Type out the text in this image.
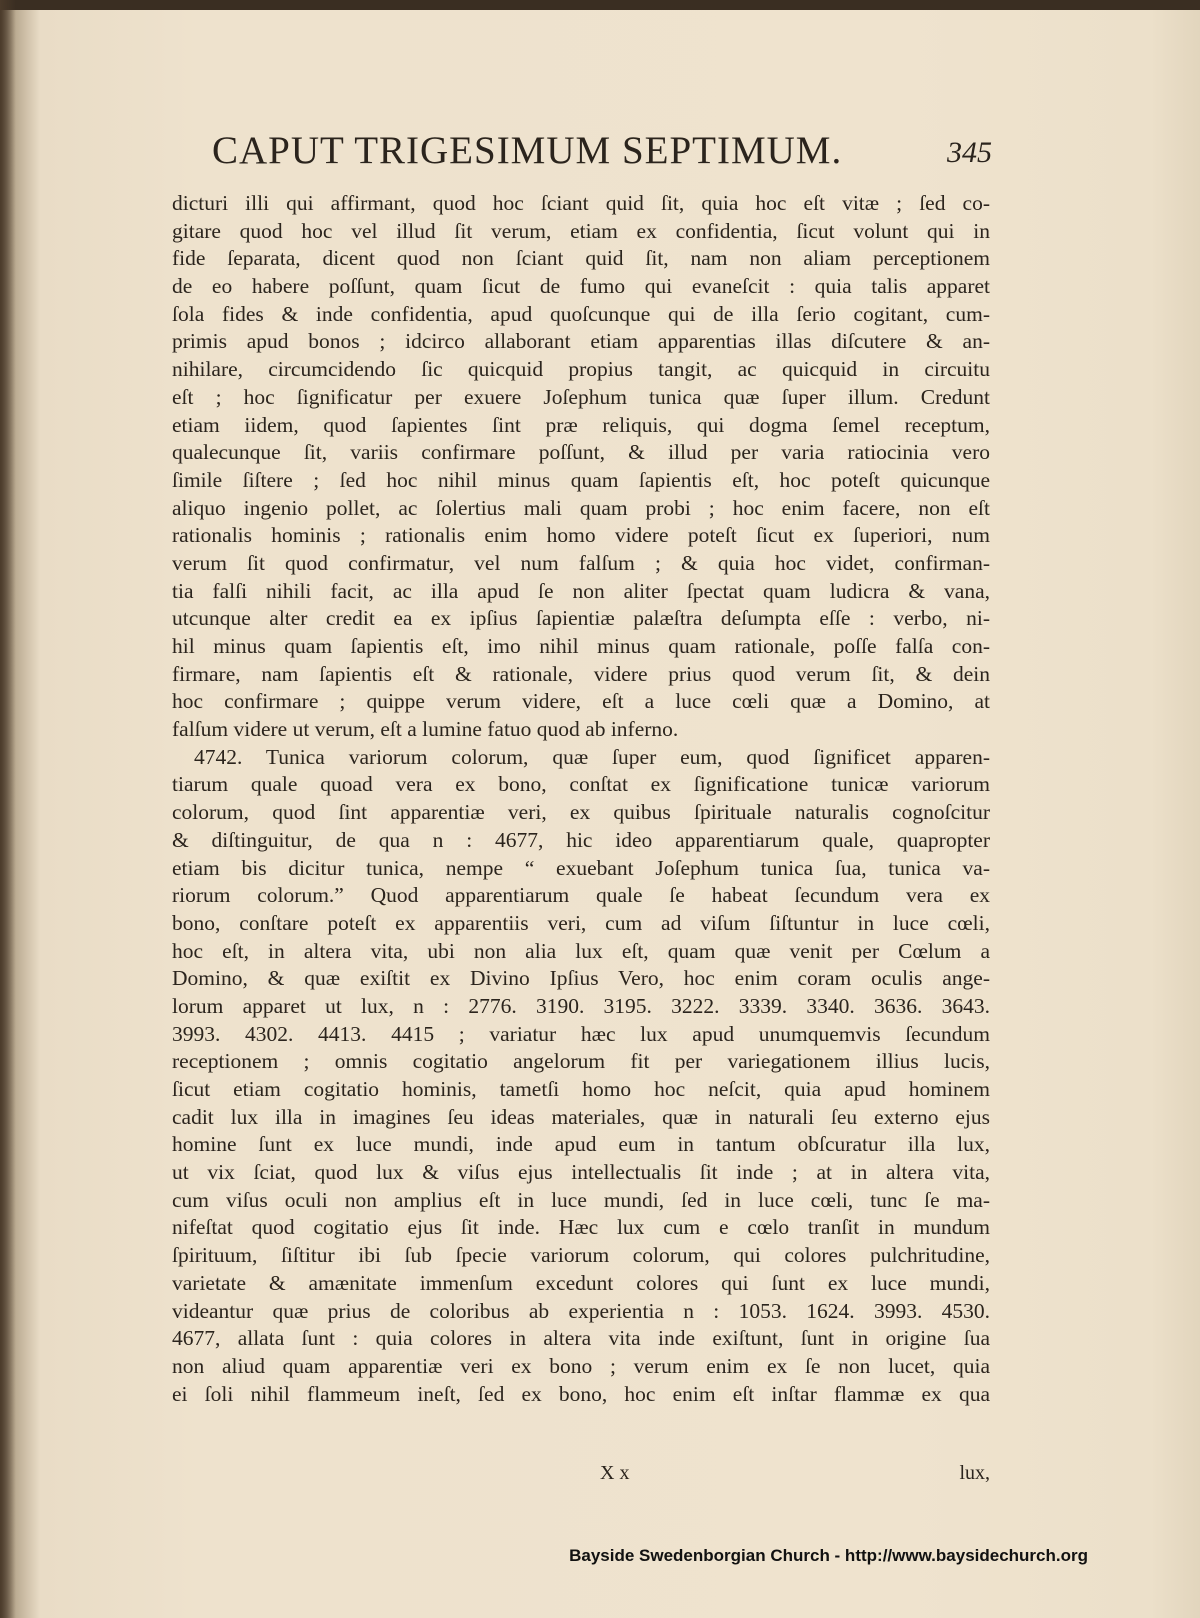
CAPUT TRIGESIMUM SEPTIMUM.	345
dicturi illi qui affirmant, quod hoc ſciant quid ſit, quia hoc eſt vitæ ; ſed co-
gitare quod hoc vel illud ſit verum, etiam ex confidentia, ſicut volunt qui in
fide ſeparata, dicent quod non ſciant quid ſit, nam non aliam perceptionem
de eo habere poſſunt, quam ſicut de fumo qui evaneſcit : quia talis apparet
ſola fides & inde confidentia, apud quoſcunque qui de illa ſerio cogitant, cum-
primis apud bonos ; idcirco allaborant etiam apparentias illas diſcutere & an-
nihilare, circumcidendo ſic quicquid propius tangit, ac quicquid in circuitu
eſt ; hoc ſignificatur per exuere Joſephum tunica quæ ſuper illum. Credunt
etiam iidem, quod ſapientes ſint præ reliquis, qui dogma ſemel receptum,
qualecunque ſit, variis confirmare poſſunt, & illud per varia ratiocinia vero
ſimile ſiſtere ; ſed hoc nihil minus quam ſapientis eſt, hoc poteſt quicunque
aliquo ingenio pollet, ac ſolertius mali quam probi ; hoc enim facere, non eſt
rationalis hominis ; rationalis enim homo videre poteſt ſicut ex ſuperiori, num
verum ſit quod confirmatur, vel num falſum ; & quia hoc videt, confirman-
tia falſi nihili facit, ac illa apud ſe non aliter ſpectat quam ludicra & vana,
utcunque alter credit ea ex ipſius ſapientiæ palæſtra deſumpta eſſe : verbo, ni-
hil minus quam ſapientis eſt, imo nihil minus quam rationale, poſſe falſa con-
firmare, nam ſapientis eſt & rationale, videre prius quod verum ſit, & dein
hoc confirmare ; quippe verum videre, eſt a luce cœli quæ a Domino, at
falſum videre ut verum, eſt a lumine fatuo quod ab inferno.
4742. Tunica variorum colorum, quæ ſuper eum, quod ſignificet apparen-
tiarum quale quoad vera ex bono, conſtat ex ſignificatione tunicæ variorum
colorum, quod ſint apparentiæ veri, ex quibus ſpirituale naturalis cognoſcitur
& diſtinguitur, de qua n : 4677, hic ideo apparentiarum quale, quapropter
etiam bis dicitur tunica, nempe “ exuebant Joſephum tunica ſua, tunica va-
riorum colorum.” Quod apparentiarum quale ſe habeat ſecundum vera ex
bono, conſtare poteſt ex apparentiis veri, cum ad viſum ſiſtuntur in luce cœli,
hoc eſt, in altera vita, ubi non alia lux eſt, quam quæ venit per Cœlum a
Domino, & quæ exiſtit ex Divino Ipſius Vero, hoc enim coram oculis ange-
lorum apparet ut lux, n : 2776. 3190. 3195. 3222. 3339. 3340. 3636. 3643.
3993. 4302. 4413. 4415 ; variatur hæc lux apud unumquemvis ſecundum
receptionem ; omnis cogitatio angelorum fit per variegationem illius lucis,
ſicut etiam cogitatio hominis, tametſi homo hoc neſcit, quia apud hominem
cadit lux illa in imagines ſeu ideas materiales, quæ in naturali ſeu externo ejus
homine ſunt ex luce mundi, inde apud eum in tantum obſcuratur illa lux,
ut vix ſciat, quod lux & viſus ejus intellectualis ſit inde ; at in altera vita,
cum viſus oculi non amplius eſt in luce mundi, ſed in luce cœli, tunc ſe ma-
nifeſtat quod cogitatio ejus ſit inde. Hæc lux cum e cœlo tranſit in mundum
ſpirituum, ſiſtitur ibi ſub ſpecie variorum colorum, qui colores pulchritudine,
varietate & amænitate immenſum excedunt colores qui ſunt ex luce mundi,
videantur quæ prius de coloribus ab experientia n : 1053. 1624. 3993. 4530.
4677, allata ſunt : quia colores in altera vita inde exiſtunt, ſunt in origine ſua
non aliud quam apparentiæ veri ex bono ; verum enim ex ſe non lucet, quia
ei ſoli nihil flammeum ineſt, ſed ex bono, hoc enim eſt inſtar flammæ ex qua
X x	lux,
Bayside Swedenborgian Church - http://www.baysidechurch.org
